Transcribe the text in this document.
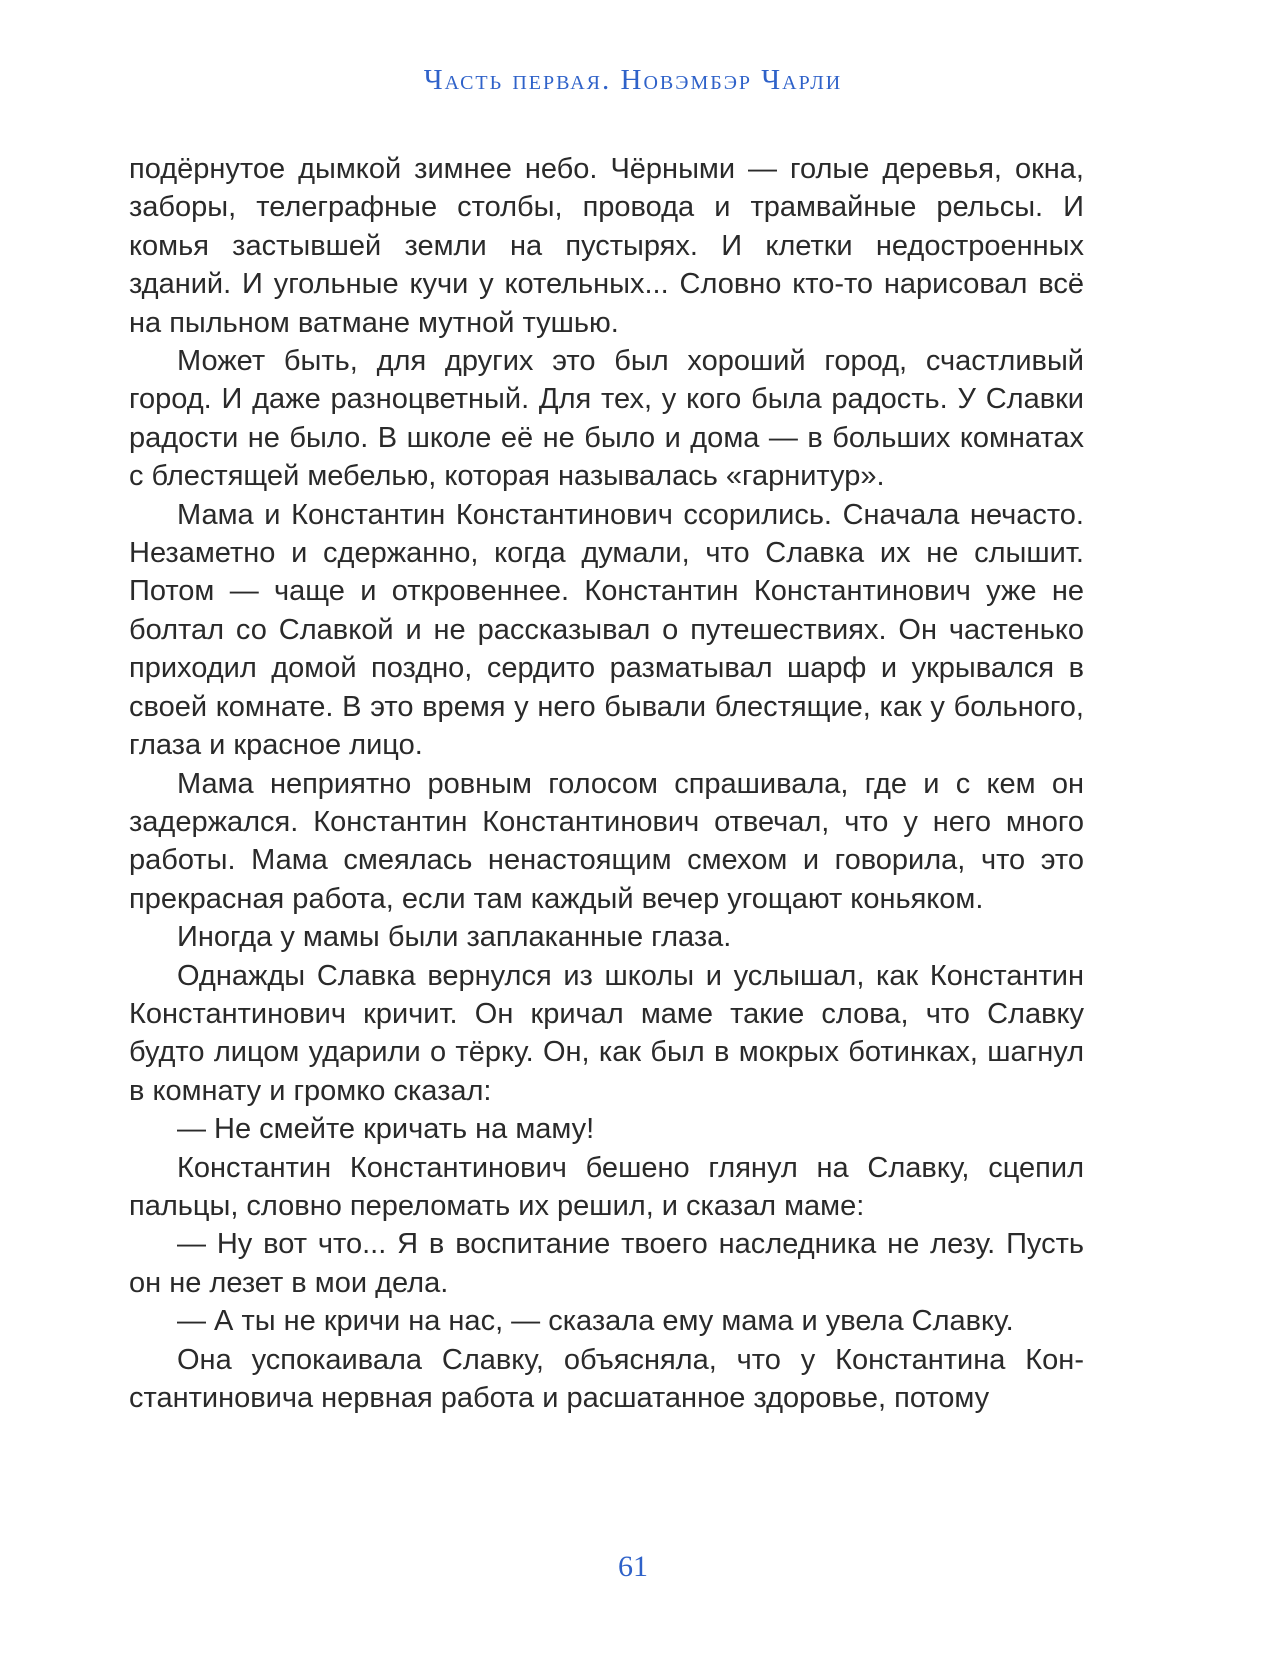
Часть первая. Новэмбэр Чарли

подёрнутое дымкой зимнее небо. Чёрными — голые деревья, окна, заборы, телеграфные столбы, провода и трамвайные рельсы. И комья застывшей земли на пустырях. И клетки недостроенных зданий. И угольные кучи у котельных... Словно кто-то нарисовал всё на пыльном ватмане мутной тушью.

Может быть, для других это был хороший город, счастливый город. И даже разноцветный. Для тех, у кого была радость. У Славки радости не было. В школе её не было и дома — в больших комнатах с блестящей мебелью, которая называлась «гарнитур».

Мама и Константин Константинович ссорились. Сначала нечасто. Незаметно и сдержанно, когда думали, что Славка их не слышит. Потом — чаще и откровеннее. Константин Константинович уже не болтал со Славкой и не рассказывал о путешествиях. Он частенько приходил домой поздно, сердито разматывал шарф и укрывался в своей комнате. В это время у него бывали блестящие, как у больного, глаза и красное лицо.

Мама неприятно ровным голосом спрашивала, где и с кем он задержался. Константин Константинович отвечал, что у него много работы. Мама смеялась ненастоящим смехом и говорила, что это прекрасная работа, если там каждый вечер угощают коньяком.

Иногда у мамы были заплаканные глаза.

Однажды Славка вернулся из школы и услышал, как Константин Константинович кричит. Он кричал маме такие слова, что Славку будто лицом ударили о тёрку. Он, как был в мокрых ботинках, шагнул в комнату и громко сказал:

— Не смейте кричать на маму!

Константин Константинович бешено глянул на Славку, сцепил пальцы, словно переломать их решил, и сказал маме:

— Ну вот что... Я в воспитание твоего наследника не лезу. Пусть он не лезет в мои дела.

— А ты не кричи на нас, — сказала ему мама и увела Славку.

Она успокаивала Славку, объясняла, что у Константина Константиновича нервная работа и расшатанное здоровье, потому

61
